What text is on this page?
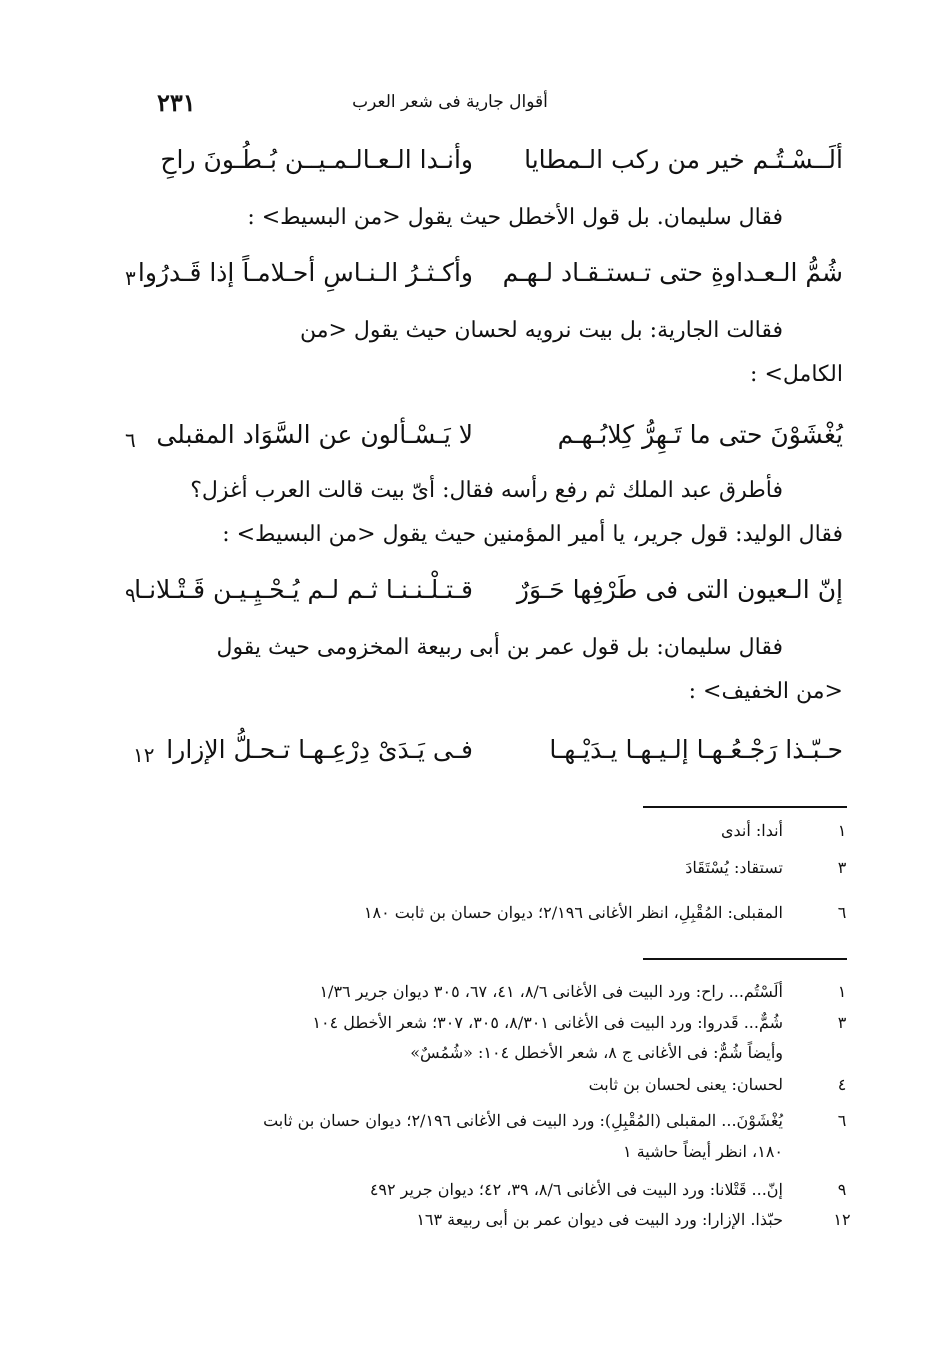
٢٣١	أقوال جارية فى شعر العرب
ألَــسْـتُـم خير من ركب الـمطايا
وأنـدا الـعـالـمـيــن بُـطُـونَ راحِ
فقال سليمان. بل قول الأخطل حيث يقول <من البسيط> :
شُمُّ الـعـداوةِ حتى تـستـقـاد لـهـم
وأكـثـرُ الـنـاسِ أحـلامـاً إذا قَـدرُوا
٣
فقالت الجارية: بل بيت نرويه لحسان حيث يقول <من
الكامل> :
يُغْشَوْنَ حتى ما تَـهِرُّ كِلابُـهـم
لا يَـسْـألون عن السَّوَاد المقبلى
٦
فأطرق عبد الملك ثم رفع رأسه فقال: أىّ بيت قالت العرب أغزل؟
فقال الوليد: قول جرير، يا أمير المؤمنين حيث يقول <من البسيط> :
إنّ الـعيون التى فى طَرْفِها حَـوَرٌ
قـتـلْـنـنـا ثـم لـم يُـحْـيِـيـن قَـتْـلانـا
٩
فقال سليمان: بل قول عمر بن أبى ربيعة المخزومى حيث يقول
<من الخفيف> :
حـبّـذا رَجْـعُـهـا إلـيـهـا يـدَيْـهـا
فـى يَـدَىْ دِرْعِـهـا تـحـلُّ الإزارا
١٢
١
أندا: أندى
٣
تستقاد: يُسْتَقَادَ
٦
المقبلى: المُقْبِلِ، انظر الأغانى ٢/١٩٦؛ ديوان حسان بن ثابت ١٨٠
١
ألَسْتُم... راح: ورد البيت فى الأغانى ٨/٦، ٤١، ٦٧، ٣٠٥ ديوان جرير ١/٣٦
٣
شُمٌّ... قَدروا: ورد البيت فى الأغانى ٨/٣٠١، ٣٠٥، ٣٠٧؛ شعر الأخطل ١٠٤
وأيضاً شُمٌّ: فى الأغانى ج ٨، شعر الأخطل ١٠٤: «شُمُسٌ»
٤
لحسان: يعنى لحسان بن ثابت
٦
يُغْشَوْنَ... المقبلى (المُقْبِلِ): ورد البيت فى الأغانى ٢/١٩٦؛ ديوان حسان بن ثابت
١٨٠، انظر أيضاً حاشية ١
٩
إنّ... قَتْلانا: ورد البيت فى الأغانى ٨/٦، ٣٩، ٤٢؛ ديوان جرير ٤٩٢
١٢
حبّذا. الإزارا: ورد البيت فى ديوان عمر بن أبى ربيعة ١٦٣
